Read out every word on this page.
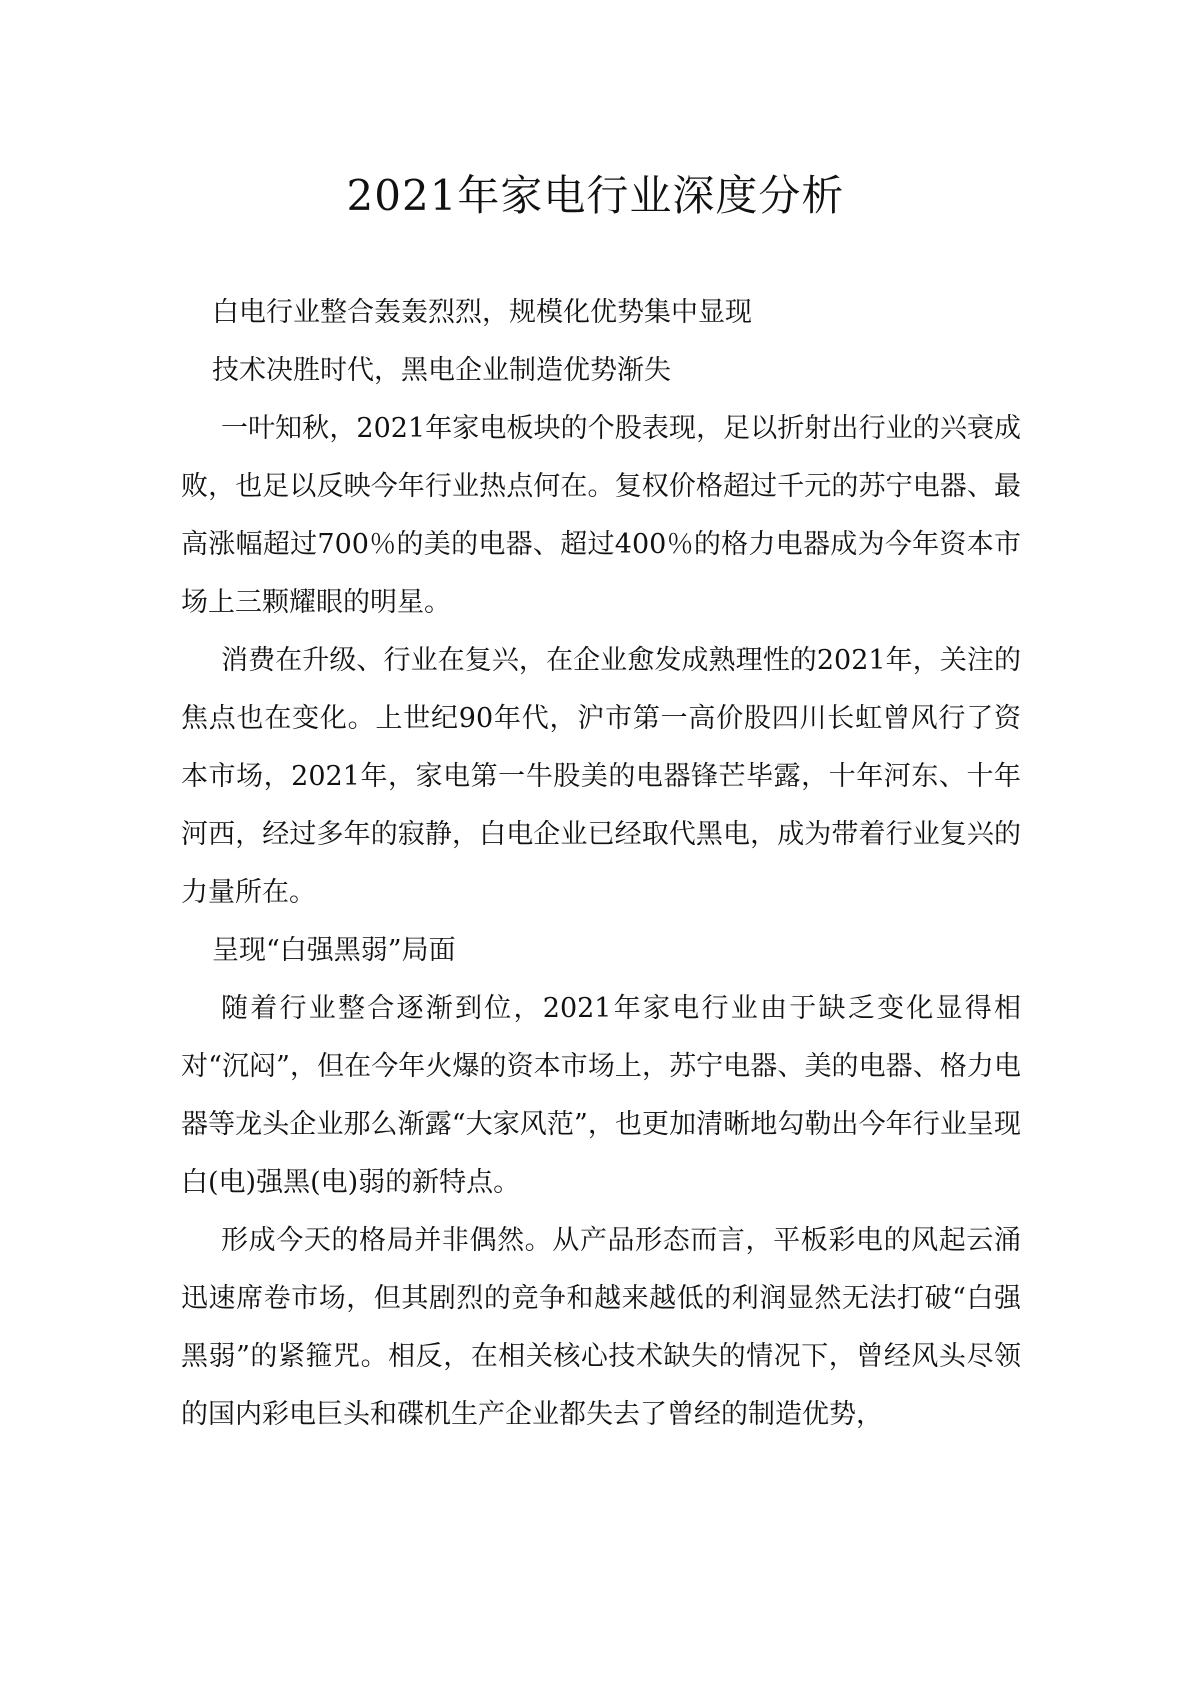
2021年家电行业深度分析

白电行业整合轰轰烈烈，规模化优势集中显现

技术决胜时代，黑电企业制造优势渐失

一叶知秋，2021年家电板块的个股表现，足以折射出行业的兴衰成败，也足以反映今年行业热点何在。复权价格超过千元的苏宁电器、最高涨幅超过700％的美的电器、超过400％的格力电器成为今年资本市场上三颗耀眼的明星。

消费在升级、行业在复兴，在企业愈发成熟理性的2021年，关注的焦点也在变化。上世纪90年代，沪市第一高价股四川长虹曾风行了资本市场，2021年，家电第一牛股美的电器锋芒毕露，十年河东、十年河西，经过多年的寂静，白电企业已经取代黑电，成为带着行业复兴的力量所在。

呈现“白强黑弱”局面

随着行业整合逐渐到位，2021年家电行业由于缺乏变化显得相对“沉闷”，但在今年火爆的资本市场上，苏宁电器、美的电器、格力电器等龙头企业那么渐露“大家风范”，也更加清晰地勾勒出今年行业呈现白(电)强黑(电)弱的新特点。

形成今天的格局并非偶然。从产品形态而言，平板彩电的风起云涌迅速席卷市场，但其剧烈的竞争和越来越低的利润显然无法打破“白强黑弱”的紧箍咒。相反，在相关核心技术缺失的情况下，曾经风头尽领的国内彩电巨头和碟机生产企业都失去了曾经的制造优势，
